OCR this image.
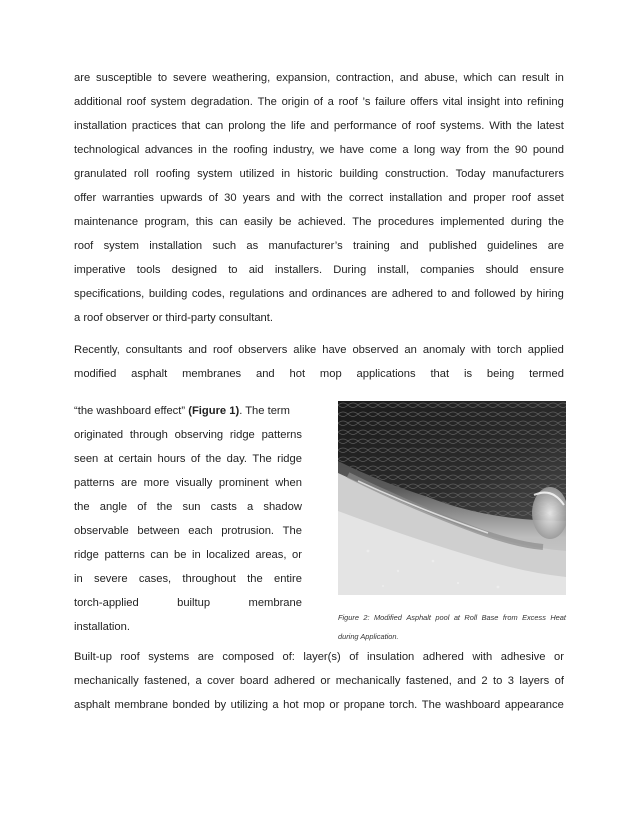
are susceptible to severe weathering, expansion, contraction, and abuse, which can result in
additional roof system degradation. The origin of a roof ’s failure offers vital insight into refining
installation practices that can prolong the life and performance of roof systems. With the latest
technological advances in the roofing industry, we have come a long way from the 90 pound
granulated roll roofing system utilized in historic building construction. Today manufacturers
offer warranties upwards of 30 years and with the correct installation and proper roof asset
maintenance program, this can easily be achieved. The procedures implemented during the
roof system installation such as manufacturer’s training and published guidelines are
imperative tools designed to aid installers. During install, companies should ensure
specifications, building codes, regulations and ordinances are adhered to and followed by hiring
a roof observer or third-party consultant.
Recently, consultants and roof observers alike have observed an anomaly with torch applied
modified asphalt membranes and hot mop applications that is being termed
“the washboard effect” (Figure 1). The term
originated through observing ridge patterns
seen at certain hours of the day. The ridge
patterns are more visually prominent when
the angle of the sun casts a shadow
observable between each protrusion. The
ridge patterns can be in localized areas, or
in severe cases, throughout the entire
torch-applied	builtup	membrane
installation.
Figure 2: Modified Asphalt pool at Roll Base from Excess Heat
during Application.
Built-up roof systems are composed of: layer(s) of insulation adhered with adhesive or
mechanically fastened, a cover board adhered or mechanically fastened, and 2 to 3 layers of
asphalt membrane bonded by utilizing a hot mop or propane torch. The washboard appearance
